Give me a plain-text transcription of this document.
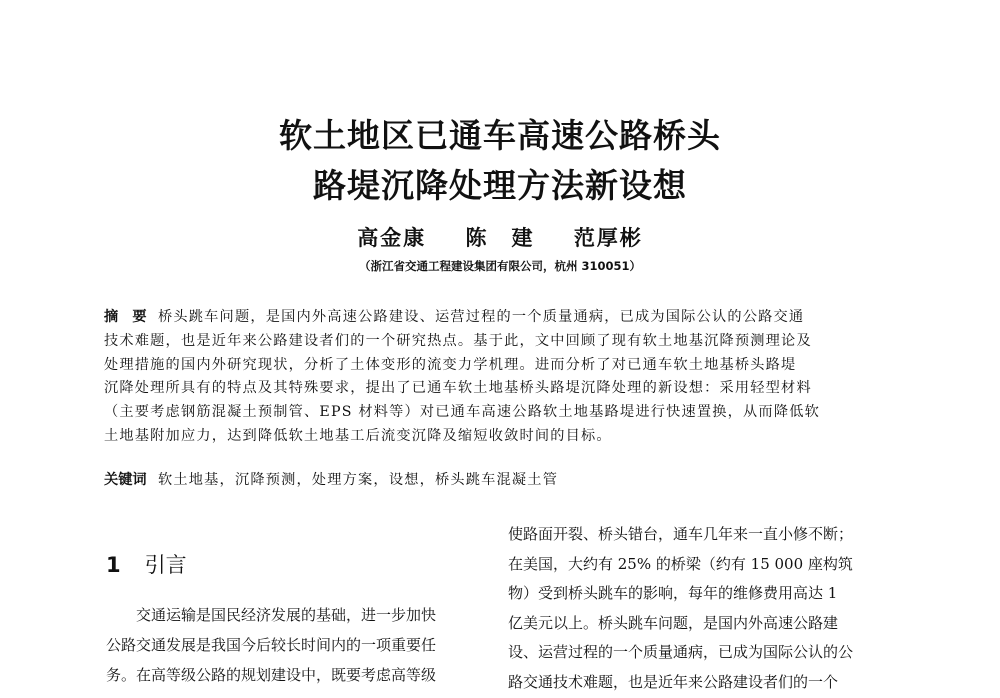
软土地区已通车高速公路桥头
路堤沉降处理方法新设想
高金康 陈　建 范厚彬
（浙江省交通工程建设集团有限公司，杭州 310051）
摘　要 桥头跳车问题，是国内外高速公路建设、运营过程的一个质量通病，已成为国际公认的公路交通
技术难题，也是近年来公路建设者们的一个研究热点。基于此，文中回顾了现有软土地基沉降预测理论及
处理措施的国内外研究现状，分析了土体变形的流变力学机理。进而分析了对已通车软土地基桥头路堤
沉降处理所具有的特点及其特殊要求，提出了已通车软土地基桥头路堤沉降处理的新设想：采用轻型材料
（主要考虑钢筋混凝土预制管、EPS 材料等）对已通车高速公路软土地基路堤进行快速置换，从而降低软
土地基附加应力，达到降低软土地基工后流变沉降及缩短收敛时间的目标。
关键词 软土地基，沉降预测，处理方案，设想，桥头跳车混凝土管
1 引言
　　交通运输是国民经济发展的基础，进一步加快
公路交通发展是我国今后较长时间内的一项重要任
务。在高等级公路的规划建设中，既要考虑高等级
使路面开裂、桥头错台，通车几年来一直小修不断；
在美国，大约有 25% 的桥梁（约有 15 000 座构筑
物）受到桥头跳车的影响，每年的维修费用高达 1
亿美元以上。桥头跳车问题，是国内外高速公路建
设、运营过程的一个质量通病，已成为国际公认的公
路交通技术难题，也是近年来公路建设者们的一个
